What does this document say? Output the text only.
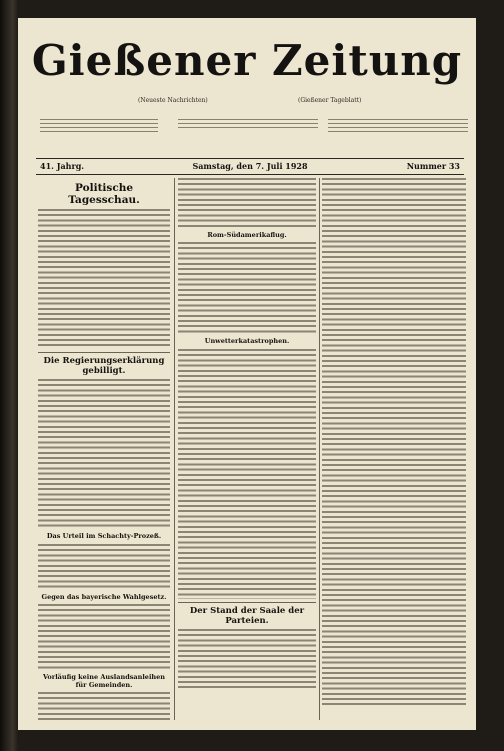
Gießener Zeitung
(Neueste Nachrichten)	(Gießener Tageblatt)
41. Jahrg.	Samstag, den 7. Juli 1928	Nummer 33
Politische Tagesschau.
Die Regierungserklärung gebilligt.
Das Urteil im Schachty-Prozeß.
Gegen das bayerische Wahlgesetz.
Vorläufig keine Auslandsanleihen für Gemeinden.
Rom-Südamerikaflug.
Unwetterkatastrophen.
Der Stand der Saale der Parteien.
